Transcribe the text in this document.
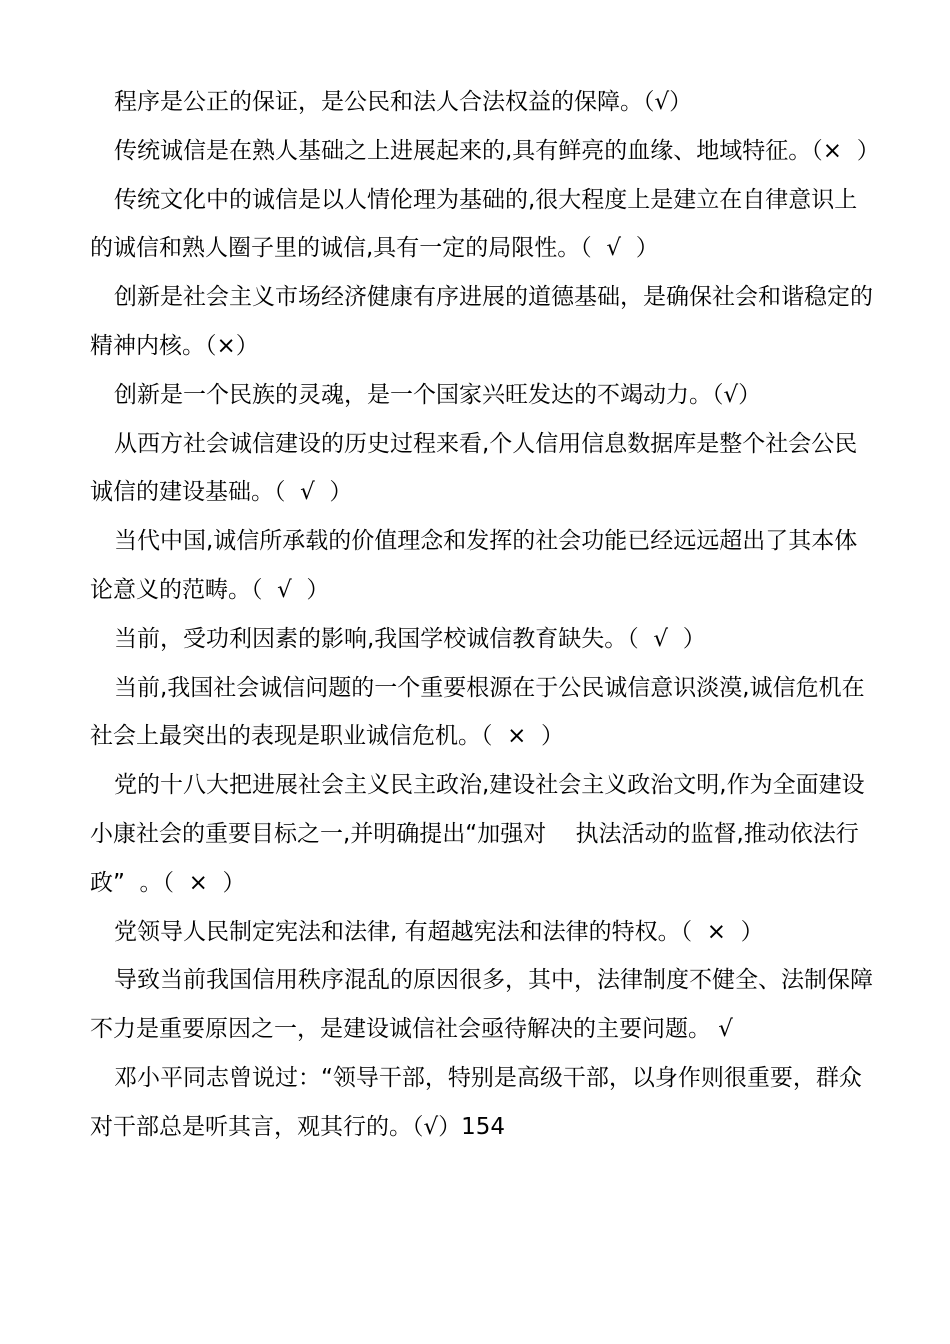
程序是公正的保证，是公民和法人合法权益的保障。（√）

传统诚信是在熟人基础之上进展起来的,具有鲜亮的血缘、地域特征。（×  ）

传统文化中的诚信是以人情伦理为基础的,很大程度上是建立在自律意识上的诚信和熟人圈子里的诚信,具有一定的局限性。（  √  ）

创新是社会主义市场经济健康有序进展的道德基础，是确保社会和谐稳定的精神内核。（×）

创新是一个民族的灵魂，是一个国家兴旺发达的不竭动力。（√）

从西方社会诚信建设的历史过程来看,个人信用信息数据库是整个社会公民诚信的建设基础。（  √  ）

当代中国,诚信所承载的价值理念和发挥的社会功能已经远远超出了其本体论意义的范畴。（  √  ）

当前，受功利因素的影响,我国学校诚信教育缺失。（  √  ）

当前,我国社会诚信问题的一个重要根源在于公民诚信意识淡漠,诚信危机在社会上最突出的表现是职业诚信危机。（  ×  ）

党的十八大把进展社会主义民主政治,建设社会主义政治文明,作为全面建设小康社会的重要目标之一,并明确提出“加强对    执法活动的监督,推动依法行政”  。（  ×  ）

党领导人民制定宪法和法律, 有超越宪法和法律的特权。（  ×  ）

导致当前我国信用秩序混乱的原因很多，其中，法律制度不健全、法制保障不力是重要原因之一，是建设诚信社会亟待解决的主要问题。 √

邓小平同志曾说过：“领导干部，特别是高级干部，以身作则很重要，群众对干部总是听其言，观其行的。（√）154
